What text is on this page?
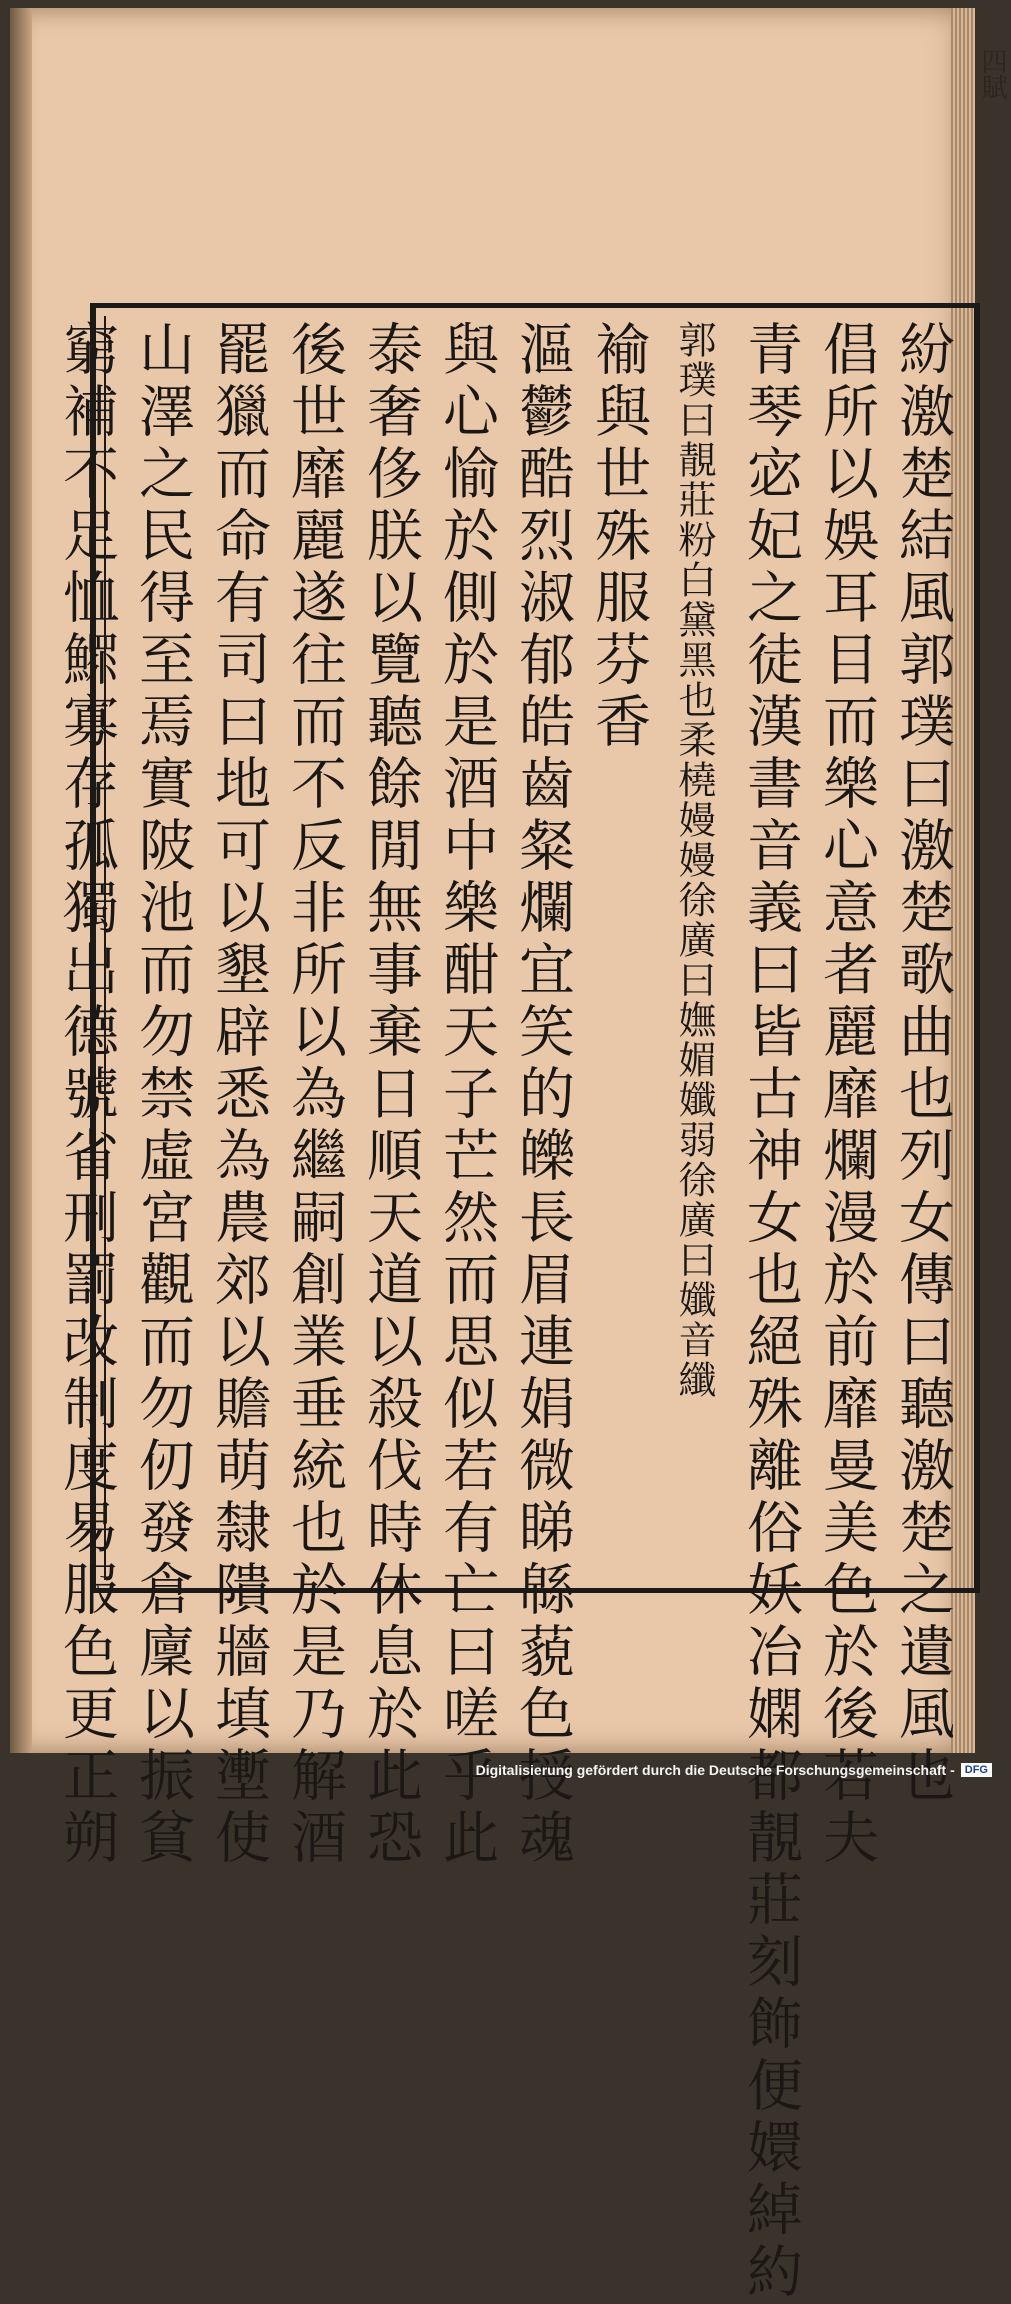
四賦
紛激楚結風郭璞曰激楚歌曲也列女傳曰聽激楚之遺風也
倡所以娛耳目而樂心意者麗靡爛漫於前靡曼美色於後若夫
青琴宓妃之徒漢書音義曰皆古神女也絕殊離俗妖冶嫻都靚莊刻飾便嬛綽約
郭璞曰靚莊粉白黛黑也柔橈嫚嫚徐廣曰嫵媚孅弱徐廣曰孅音纖
褕與世殊服芬香
漚鬱酷烈淑郁皓齒粲爛宜笑的皪長眉連娟微睇緜藐色授魂
與心愉於側於是酒中樂酣天子芒然而思似若有亡曰嗟乎此
泰奢侈朕以覽聽餘閒無事棄日順天道以殺伐時休息於此恐
後世靡麗遂往而不反非所以為繼嗣創業垂統也於是乃解酒
罷獵而命有司曰地可以墾辟悉為農郊以贍萌隸隤牆填壍使
山澤之民得至焉實陂池而勿禁虛宮觀而勿仞發倉廩以振貧
窮補不足恤鰥寡存孤獨出德號省刑罰改制度易服色更正朔	Digitalisierung gefördert durch die Deutsche Forschungsgemeinschaft - DFG
